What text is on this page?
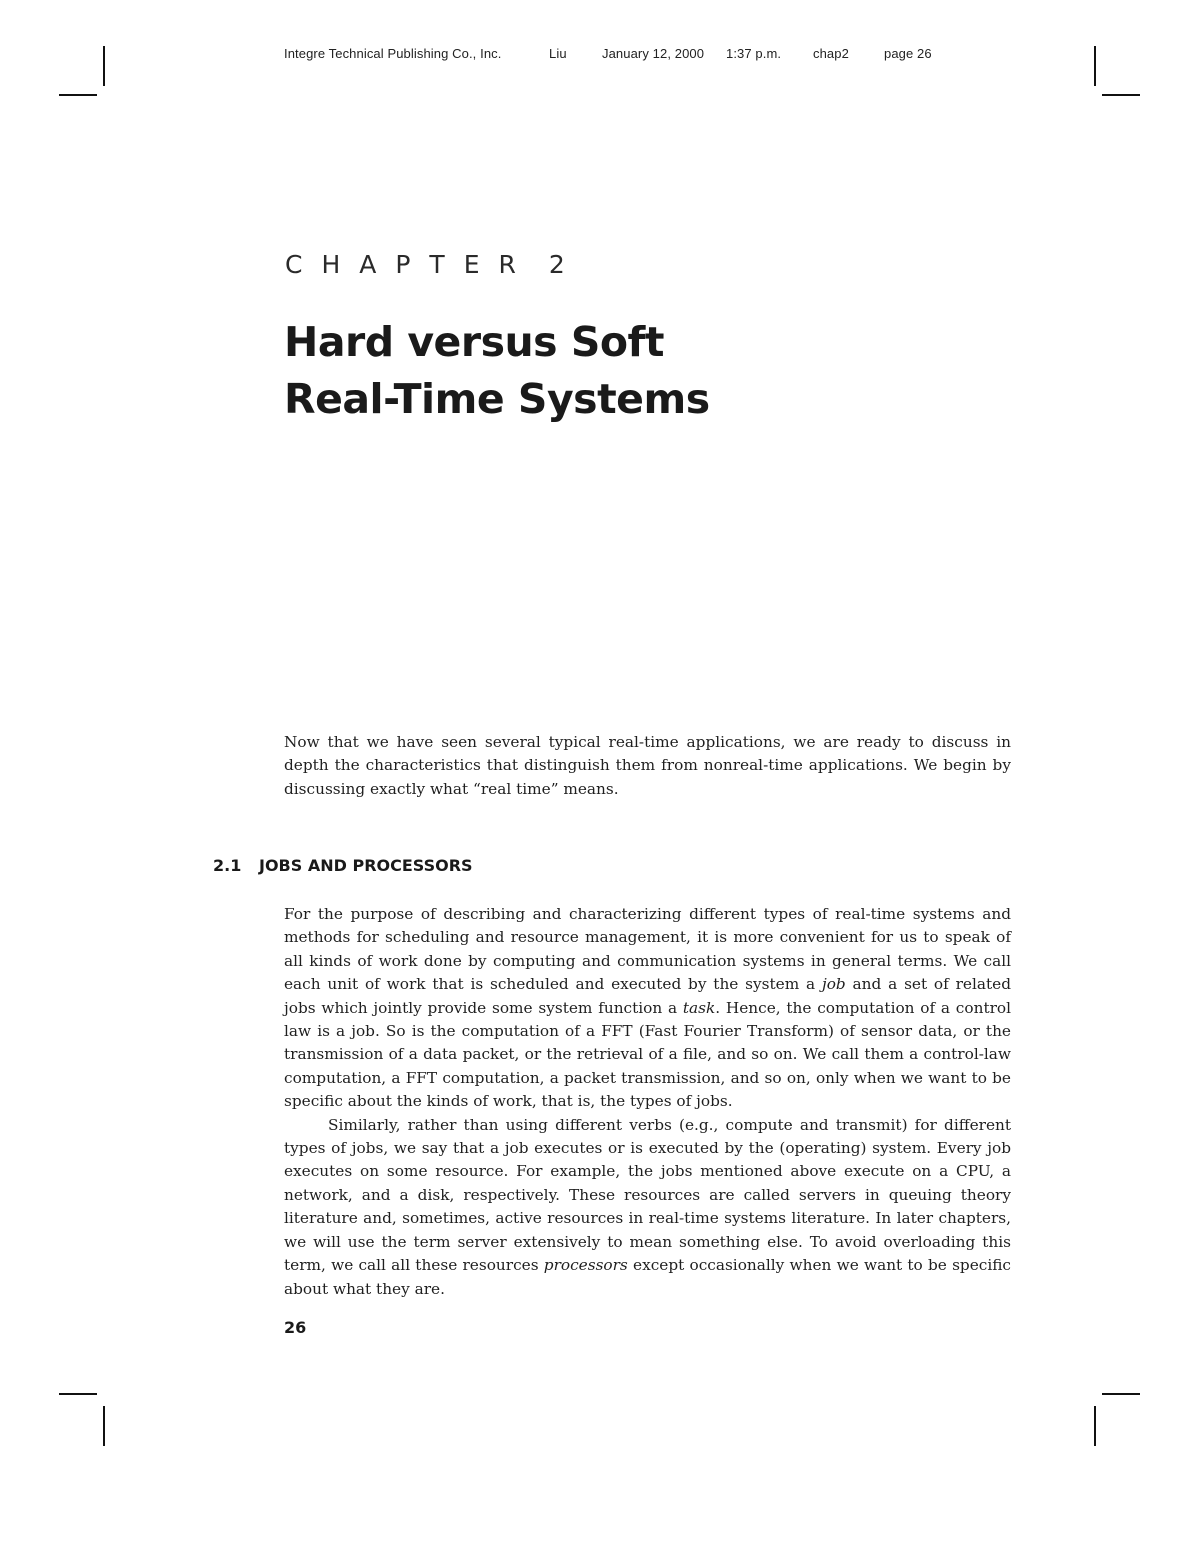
Integre Technical Publishing Co., Inc.	Liu	January 12, 2000 1:37 p.m. chap2	page 26
CHAPTER 2
Hard versus Soft
Real-Time Systems

Now that we have seen several typical real-time applications, we are ready to discuss in depth the characteristics that distinguish them from nonreal-time applications. We begin by discussing exactly what “real time” means.

2.1 JOBS AND PROCESSORS

For the purpose of describing and characterizing different types of real-time systems and methods for scheduling and resource management, it is more convenient for us to speak of all kinds of work done by computing and communication systems in general terms. We call each unit of work that is scheduled and executed by the system a job and a set of related jobs which jointly provide some system function a task. Hence, the computation of a control law is a job. So is the computation of a FFT (Fast Fourier Transform) of sensor data, or the transmission of a data packet, or the retrieval of a file, and so on. We call them a control-law computation, a FFT computation, a packet transmission, and so on, only when we want to be specific about the kinds of work, that is, the types of jobs.

Similarly, rather than using different verbs (e.g., compute and transmit) for different types of jobs, we say that a job executes or is executed by the (operating) system. Every job executes on some resource. For example, the jobs mentioned above execute on a CPU, a network, and a disk, respectively. These resources are called servers in queuing theory literature and, sometimes, active resources in real-time systems literature. In later chapters, we will use the term server extensively to mean something else. To avoid overloading this term, we call all these resources processors except occasionally when we want to be specific about what they are.

26
